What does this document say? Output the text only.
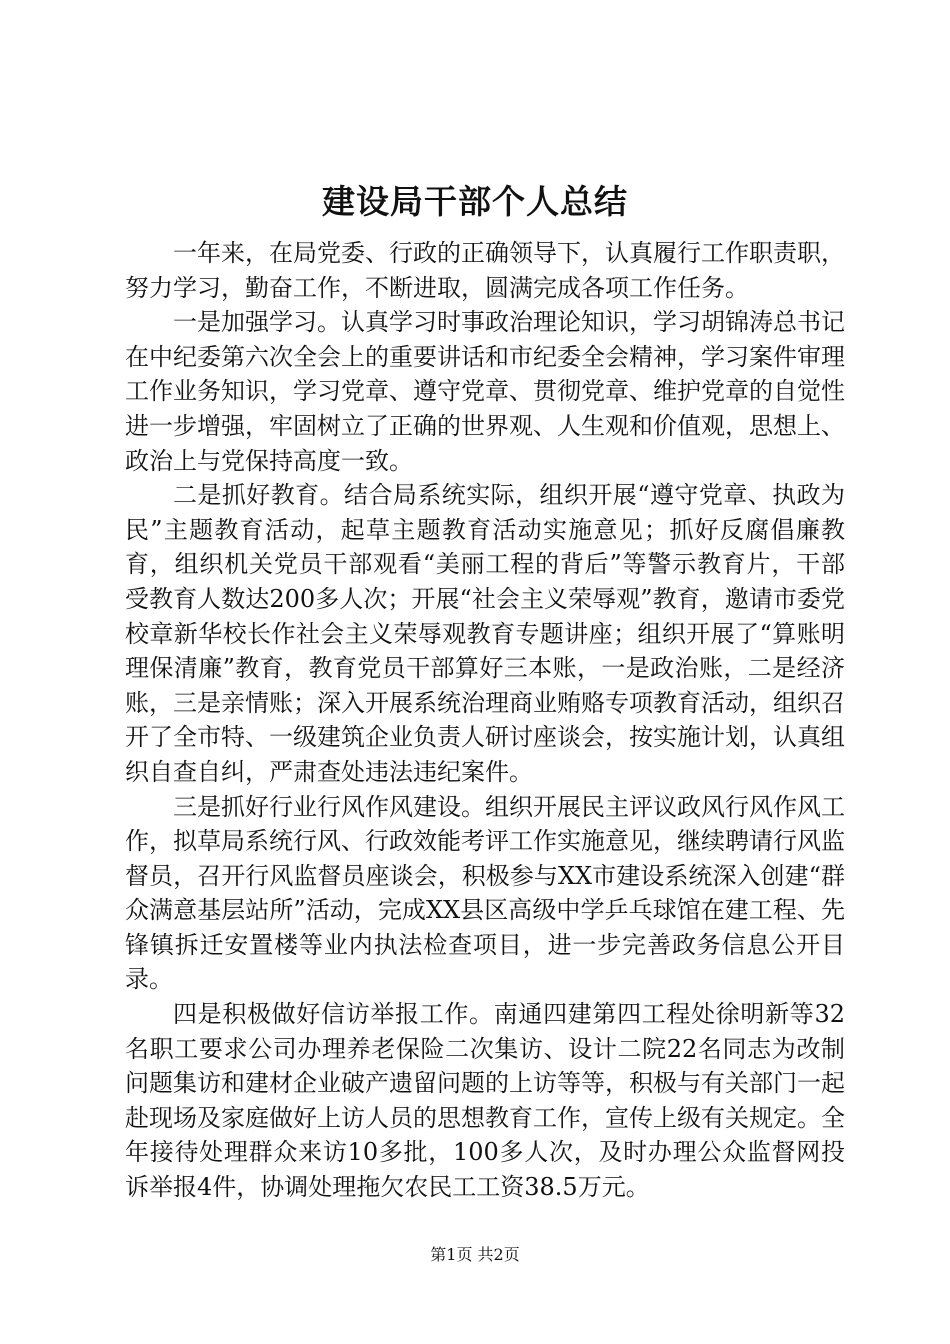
建设局干部个人总结

一年来，在局党委、行政的正确领导下，认真履行工作职责职，努力学习，勤奋工作，不断进取，圆满完成各项工作任务。

一是加强学习。认真学习时事政治理论知识，学习胡锦涛总书记在中纪委第六次全会上的重要讲话和市纪委全会精神，学习案件审理工作业务知识，学习党章、遵守党章、贯彻党章、维护党章的自觉性进一步增强，牢固树立了正确的世界观、人生观和价值观，思想上、政治上与党保持高度一致。

二是抓好教育。结合局系统实际，组织开展“遵守党章、执政为民”主题教育活动，起草主题教育活动实施意见；抓好反腐倡廉教育，组织机关党员干部观看“美丽工程的背后”等警示教育片，干部受教育人数达200多人次；开展“社会主义荣辱观”教育，邀请市委党校章新华校长作社会主义荣辱观教育专题讲座；组织开展了“算账明理保清廉”教育，教育党员干部算好三本账，一是政治账，二是经济账，三是亲情账；深入开展系统治理商业贿赂专项教育活动，组织召开了全市特、一级建筑企业负责人研讨座谈会，按实施计划，认真组织自查自纠，严肃查处违法违纪案件。

三是抓好行业行风作风建设。组织开展民主评议政风行风作风工作，拟草局系统行风、行政效能考评工作实施意见，继续聘请行风监督员，召开行风监督员座谈会，积极参与XX市建设系统深入创建“群众满意基层站所”活动，完成XX县区高级中学乒乓球馆在建工程、先锋镇拆迁安置楼等业内执法检查项目，进一步完善政务信息公开目录。

四是积极做好信访举报工作。南通四建第四工程处徐明新等32名职工要求公司办理养老保险二次集访、设计二院22名同志为改制问题集访和建材企业破产遗留问题的上访等等，积极与有关部门一起赴现场及家庭做好上访人员的思想教育工作，宣传上级有关规定。全年接待处理群众来访10多批，100多人次，及时办理公众监督网投诉举报4件，协调处理拖欠农民工工资38.5万元。

第1页 共2页
